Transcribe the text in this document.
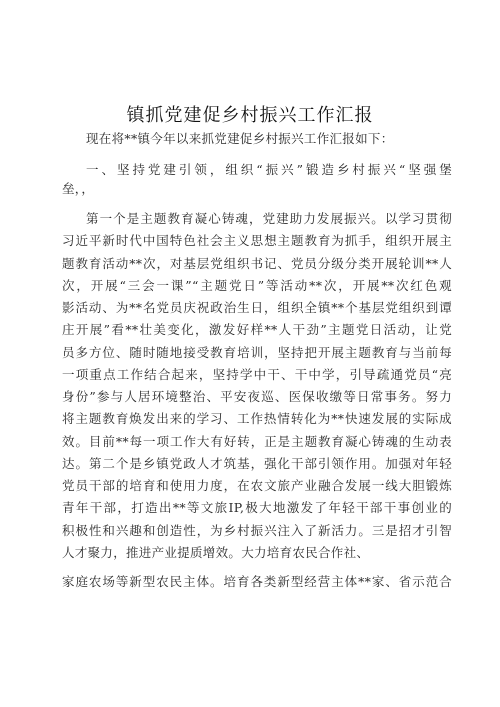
镇抓党建促乡村振兴工作汇报
现在将**镇今年以来抓党建促乡村振兴工作汇报如下：
一、坚持党建引领，组织“振兴”锻造乡村振兴“坚强堡
垒，，
第一个是主题教育凝心铸魂，党建助力发展振兴。以学习贯彻
习近平新时代中国特色社会主义思想主题教育为抓手，组织开展主
题教育活动**次，对基层党组织书记、党员分级分类开展轮训**人
次，开展“三会一课”“主题党日”等活动**次，开展**次红色观
影活动、为**名党员庆祝政治生日，组织全镇**个基层党组织到谭
庄开展”看**壮美变化，激发好样**人干劲”主题党日活动，让党
员多方位、随时随地接受教育培训，坚持把开展主题教育与当前每
一项重点工作结合起来，坚持学中干、干中学，引导疏通党员“亮
身份”参与人居环境整治、平安夜巡、医保收缴等日常事务。努力
将主题教育焕发出来的学习、工作热情转化为**快速发展的实际成
效。目前**每一项工作大有好转，正是主题教育凝心铸魂的生动表
达。第二个是乡镇党政人才筑基，强化干部引领作用。加强对年轻
党员干部的培育和使用力度，在农文旅产业融合发展一线大胆锻炼
青年干部，打造出**等文旅IP,极大地激发了年轻干部干事创业的
积极性和兴趣和创造性，为乡村振兴注入了新活力。三是招才引智
人才聚力，推进产业提质增效。大力培育农民合作社、
家庭农场等新型农民主体。培育各类新型经营主体**家、省示范合
